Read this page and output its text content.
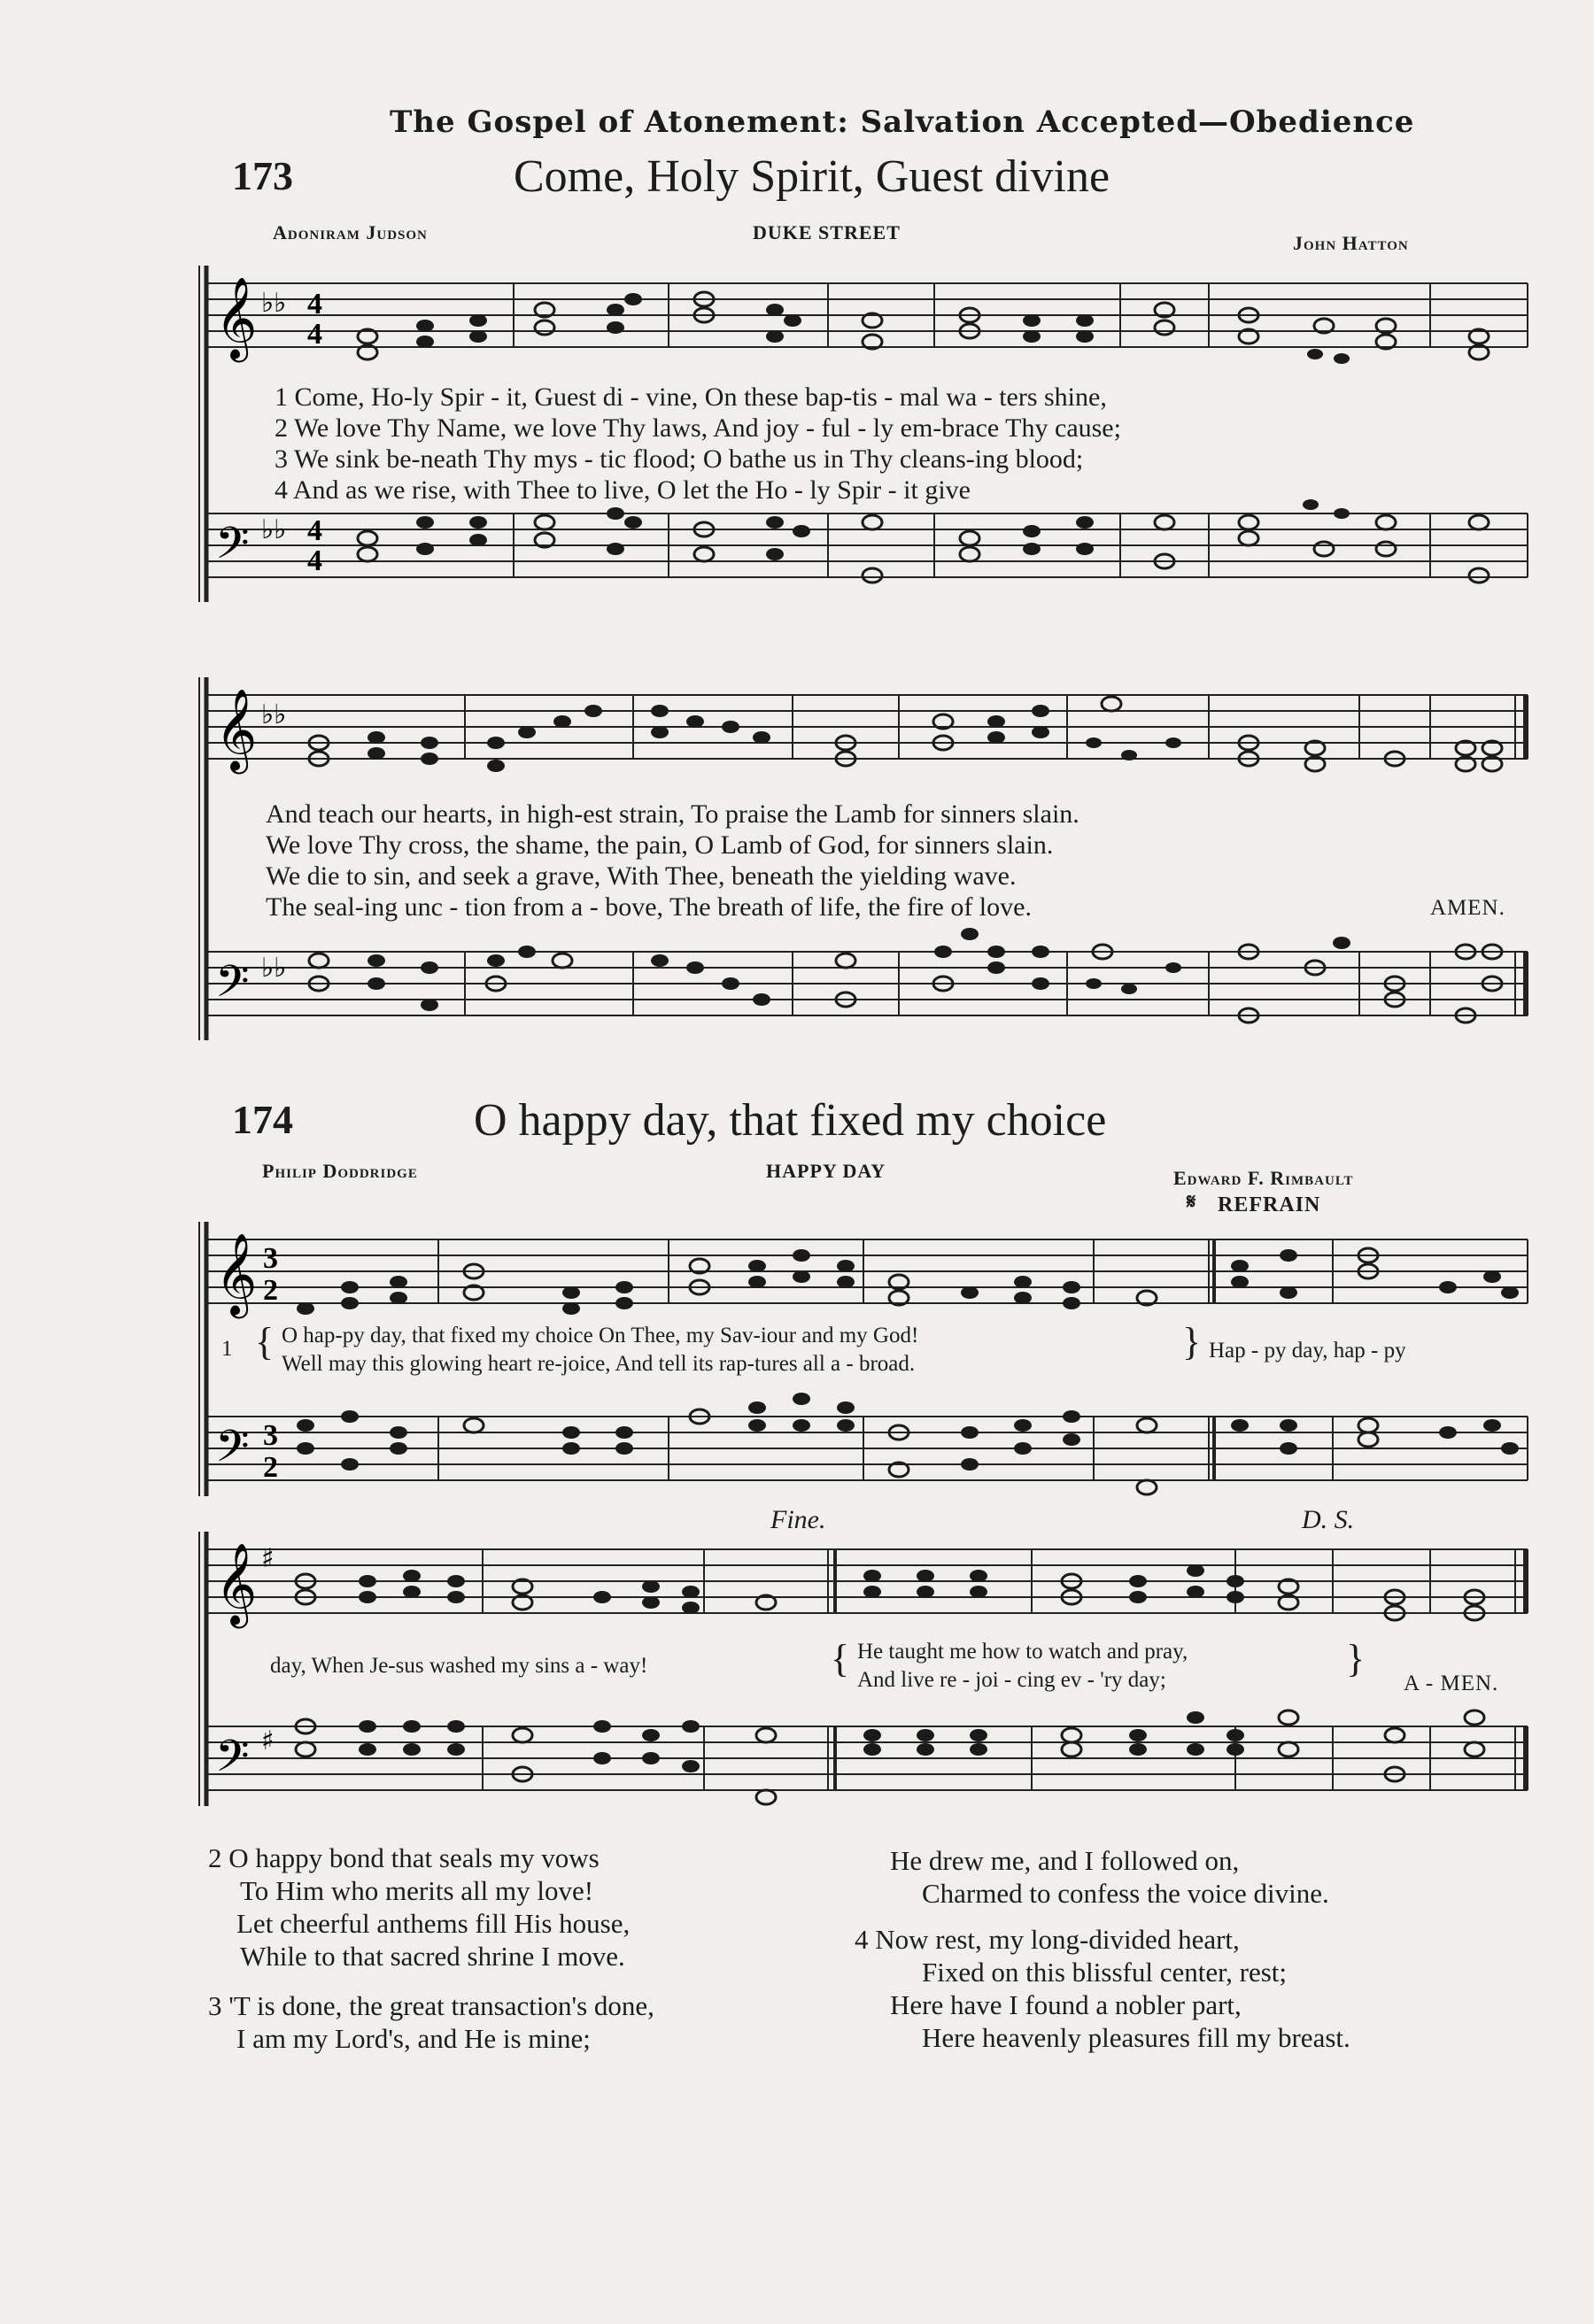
The Gospel of Atonement: Salvation Accepted—Obedience
173	Come, Holy Spirit, Guest divine
Adoniram Judson	DUKE STREET	John Hatton
𝄞 ♭♭ 4
4
𝄢 ♭♭ 4
4
1 Come, Ho-ly Spir - it, Guest di - vine, On these bap-tis - mal wa - ters shine,
2 We love Thy Name, we love Thy laws, And joy - ful - ly em-brace Thy cause;
3 We sink be-neath Thy mys - tic flood; O bathe us in Thy cleans-ing blood;
4 And as we rise, with Thee to live, O let the Ho - ly Spir - it give
𝄞 ♭♭
𝄢 ♭♭
And teach our hearts, in high-est strain, To praise the Lamb for sinners slain.
We love Thy cross, the shame, the pain, O Lamb of God, for sinners slain.
We die to sin, and seek a grave, With Thee, beneath the yielding wave.
The seal-ing unc - tion from a - bove, The breath of life, the fire of love.	AMEN.
174	O happy day, that fixed my choice
Philip Doddridge	HAPPY DAY	Edward F. Rimbault
𝄋 REFRAIN
𝄞 3
2
𝄢 3
2
1 { O hap-py day, that fixed my choice On Thee, my Sav-iour and my God!
Well may this glowing heart re-joice, And tell its rap-tures all a - broad.
} Hap - py day, hap - py
Fine.	D. S.
𝄞 ♯
𝄢 ♯
day, When Je-sus washed my sins a - way!	{ He taught me how to watch and pray,
And live re - joi - cing ev - 'ry day;	}
A - MEN.
2 O happy bond that seals my vows
To Him who merits all my love!
Let cheerful anthems fill His house,
While to that sacred shrine I move.
3 'T is done, the great transaction's done,
I am my Lord's, and He is mine;
He drew me, and I followed on,
Charmed to confess the voice divine.
4 Now rest, my long-divided heart,
Fixed on this blissful center, rest;
Here have I found a nobler part,
Here heavenly pleasures fill my breast.
